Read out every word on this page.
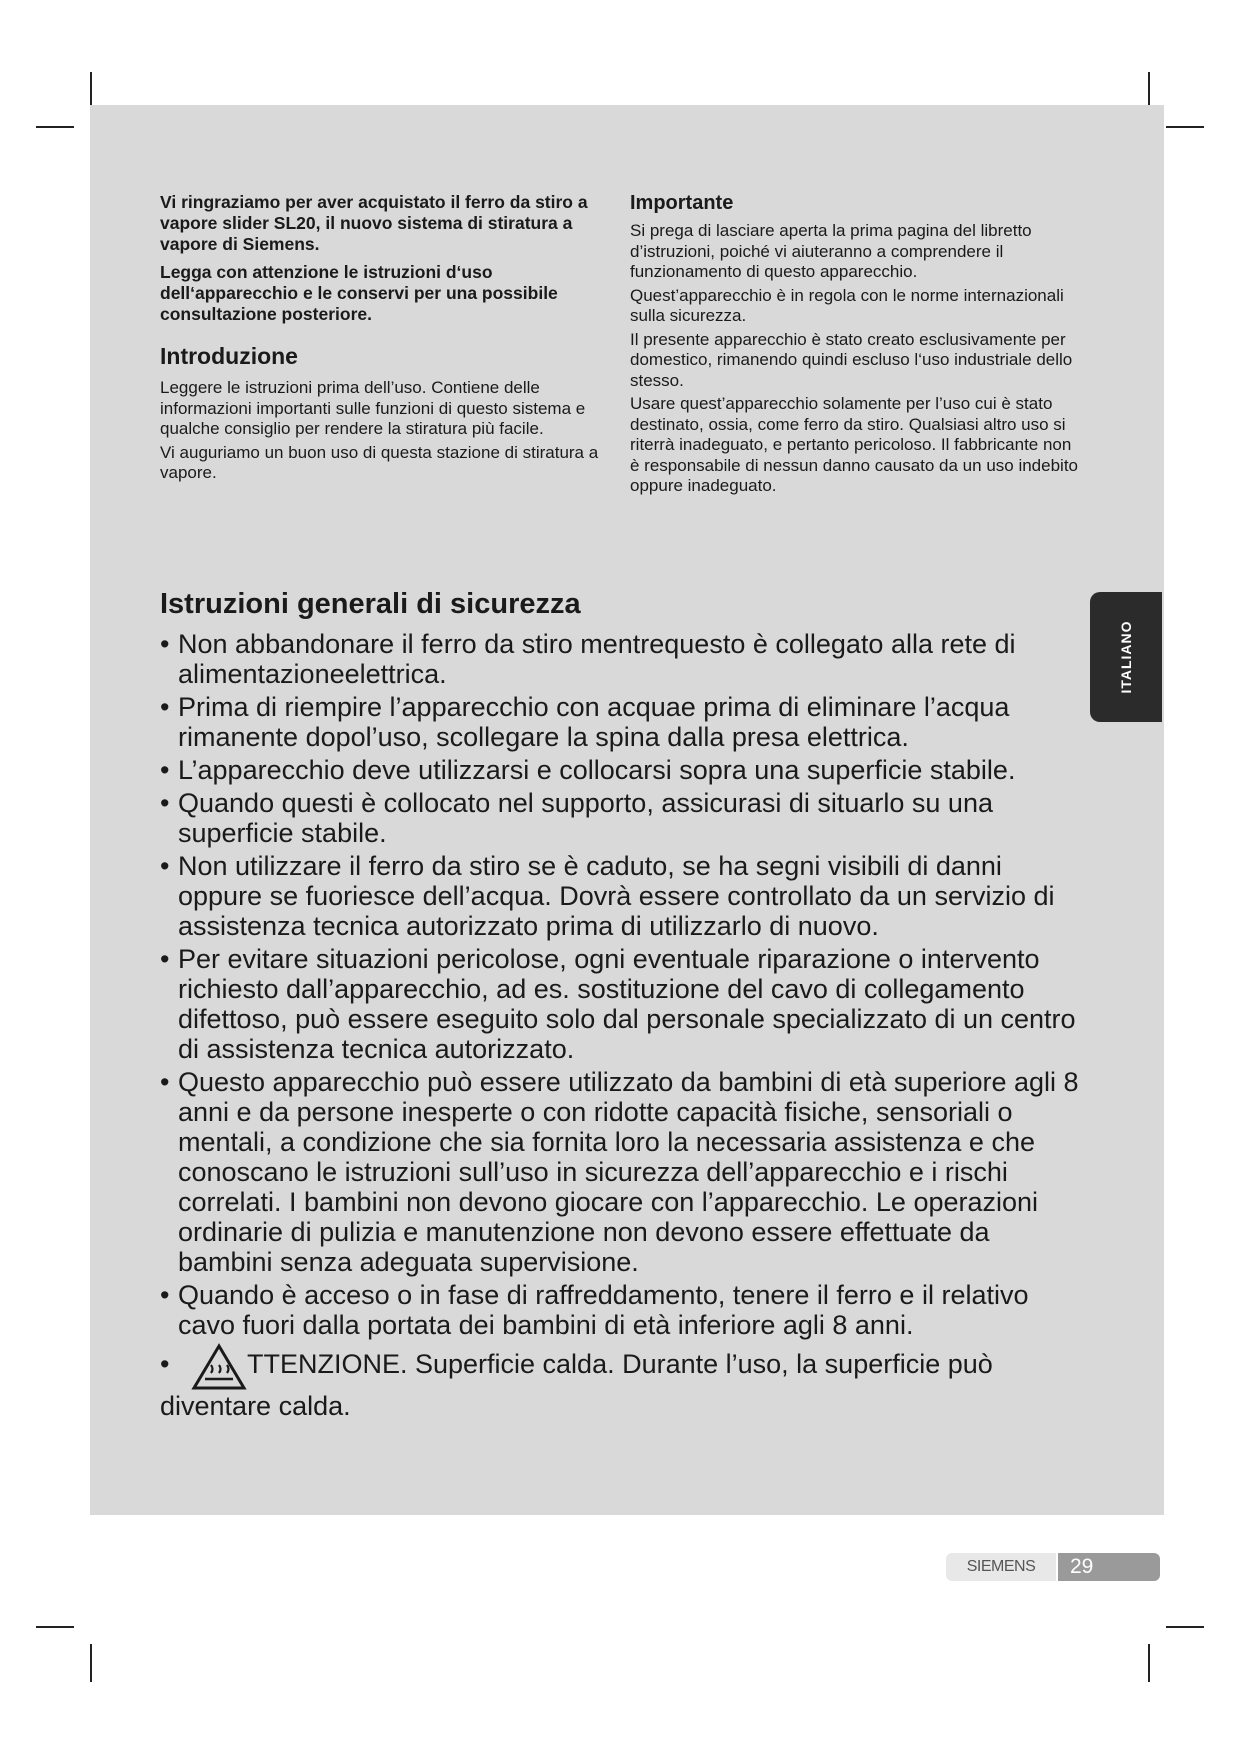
Vi ringraziamo per aver acquistato il ferro da stiro a vapore slider SL20, il nuovo sistema di stiratura a vapore di Siemens.

Legga con attenzione le istruzioni d‘uso dell‘apparecchio e le conservi per una possibile consultazione posteriore.

Introduzione

Leggere le istruzioni prima dell’uso. Contiene delle informazioni importanti sulle funzioni di questo sistema e qualche consiglio per rendere la stiratura più facile.

Vi auguriamo un buon uso di questa stazione di stiratura a vapore.

Importante

Si prega di lasciare aperta la prima pagina del libretto d’istruzioni, poiché vi aiuteranno a comprendere il funzionamento di questo apparecchio.

Quest’apparecchio è in regola con le norme internazionali sulla sicurezza.

Il presente apparecchio è stato creato esclusivamente per domestico, rimanendo quindi escluso l‘uso industriale dello stesso.

Usare quest’apparecchio solamente per l’uso cui è stato destinato, ossia, come ferro da stiro. Qualsiasi altro uso si riterrà inadeguato, e pertanto pericoloso. Il fabbricante non è responsabile di nessun danno causato da un uso indebito oppure inadeguato.

Istruzioni generali di sicurezza
• Non abbandonare il ferro da stiro mentrequesto è collegato alla rete di alimentazioneelettrica.
• Prima di riempire l’apparecchio con acquae prima di eliminare l’acqua rimanente dopol’uso, scollegare la spina dalla presa elettrica.
• L’apparecchio deve utilizzarsi e collocarsi sopra una superficie stabile.
• Quando questi è collocato nel supporto, assicurasi di situarlo su una superficie stabile.
• Non utilizzare il ferro da stiro se è caduto, se ha segni visibili di danni oppure se fuoriesce dell’acqua. Dovrà essere controllato da un servizio di assistenza tecnica autorizzato prima di utilizzarlo di nuovo.
• Per evitare situazioni pericolose, ogni eventuale riparazione o intervento richiesto dall’apparecchio, ad es. sostituzione del cavo di collegamento difettoso, può essere eseguito solo dal personale specializzato di un centro di assistenza tecnica autorizzato.
• Questo apparecchio può essere utilizzato da bambini di età superiore agli 8 anni e da persone inesperte o con ridotte capacità fisiche, sensoriali o mentali, a condizione che sia fornita loro la necessaria assistenza e che conoscano le istruzioni sull’uso in sicurezza dell’apparecchio e i rischi correlati. I bambini non devono giocare con l’apparecchio. Le operazioni ordinarie di pulizia e manutenzione non devono essere effettuate da bambini senza adeguata supervisione.
• Quando è acceso o in fase di raffreddamento, tenere il ferro e il relativo cavo fuori dalla portata dei bambini di età inferiore agli 8 anni.
•	TTENZIONE. Superficie calda. Durante l’uso, la superficie può diventare calda.
ITALIANO
SIEMENS	29
